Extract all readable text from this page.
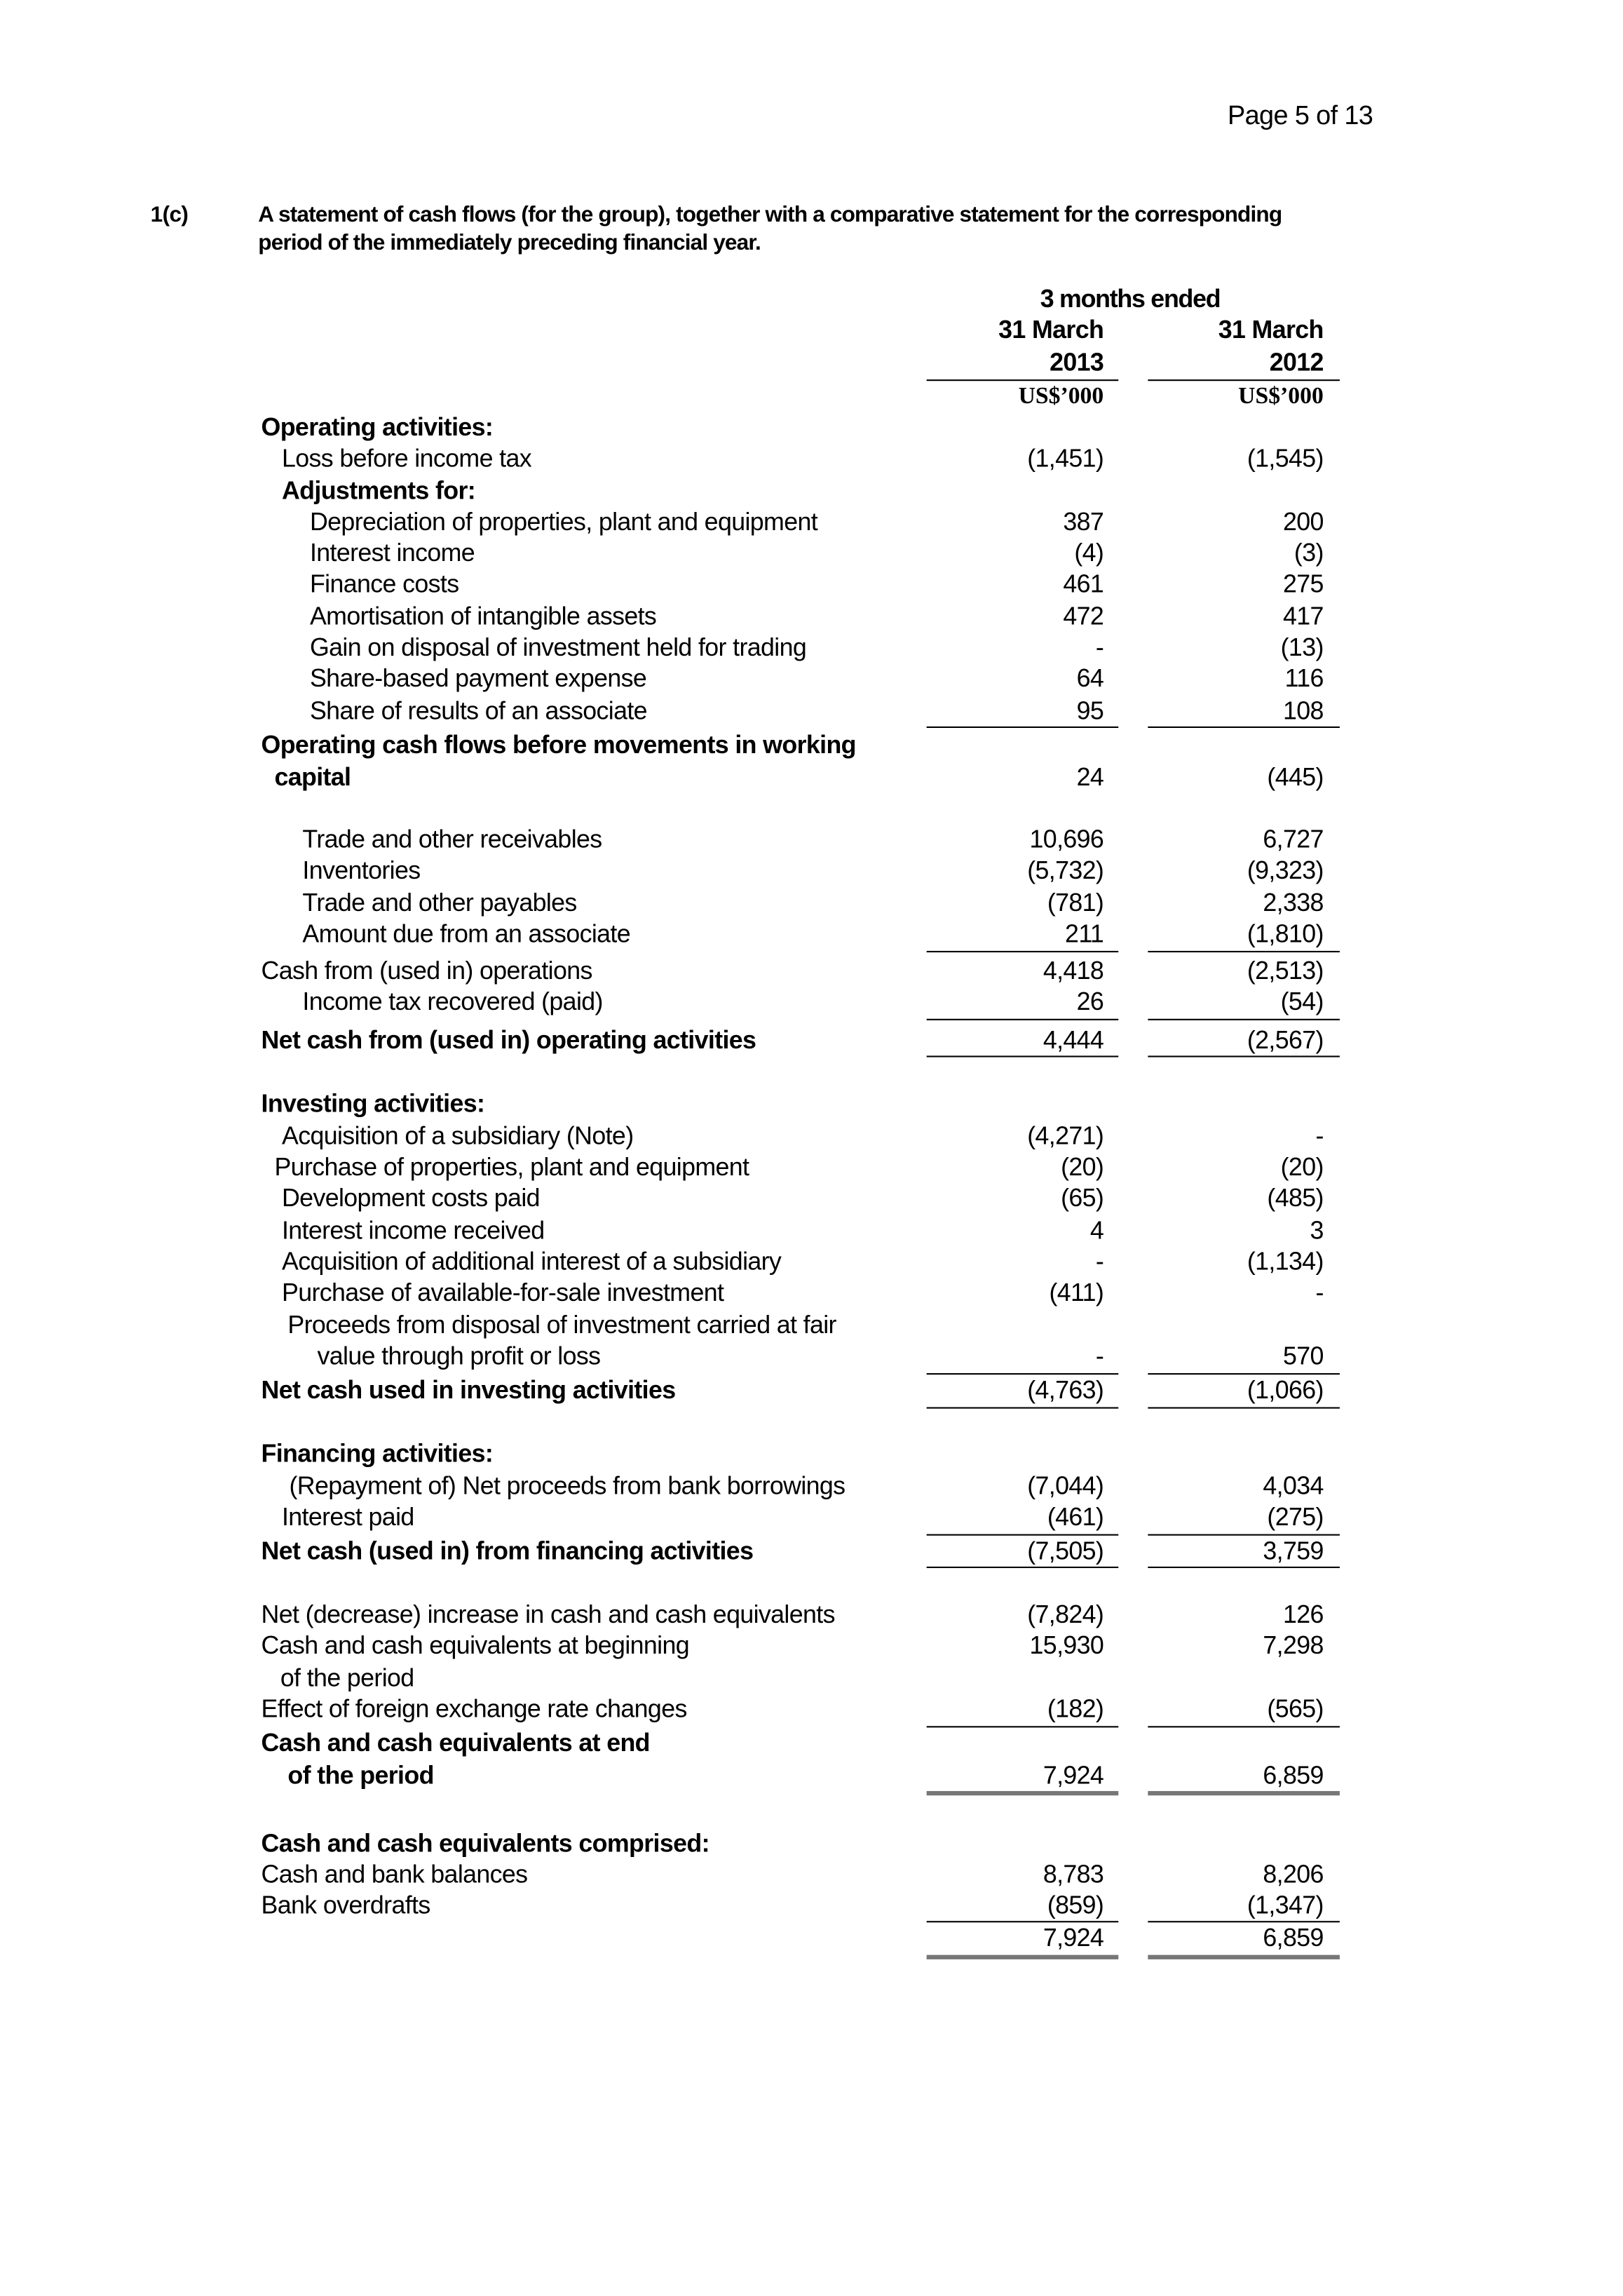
Page 5 of 13
1(c)	A statement of cash flows (for the group), together with a comparative statement for the corresponding
period of the immediately preceding financial year.
3 months ended
31 March	31 March
2013	2012
US$’000	US$’000
Operating activities:
Loss before income tax	(1,451)	(1,545)
Adjustments for:
Depreciation of properties, plant and equipment	387	200
Interest income	(4)	(3)
Finance costs	461	275
Amortisation of intangible assets	472	417
Gain on disposal of investment held for trading	-	(13)
Share-based payment expense	64	116
Share of results of an associate	95	108
Operating cash flows before movements in working
capital	24	(445)
Trade and other receivables	10,696	6,727
Inventories	(5,732)	(9,323)
Trade and other payables	(781)	2,338
Amount due from an associate	211	(1,810)
Cash from (used in) operations	4,418	(2,513)
Income tax recovered (paid)	26	(54)
Net cash from (used in) operating activities	4,444	(2,567)
Investing activities:
Acquisition of a subsidiary (Note)	(4,271)	-
Purchase of properties, plant and equipment	(20)	(20)
Development costs paid	(65)	(485)
Interest income received	4	3
Acquisition of additional interest of a subsidiary	-	(1,134)
Purchase of available-for-sale investment	(411)	-
Proceeds from disposal of investment carried at fair
value through profit or loss	-	570
Net cash used in investing activities	(4,763)	(1,066)
Financing activities:
(Repayment of) Net proceeds from bank borrowings	(7,044)	4,034
Interest paid	(461)	(275)
Net cash (used in) from financing activities	(7,505)	3,759
Net (decrease) increase in cash and cash equivalents	(7,824)	126
Cash and cash equivalents at beginning	15,930	7,298
of the period
Effect of foreign exchange rate changes	(182)	(565)
Cash and cash equivalents at end
of the period	7,924	6,859
Cash and cash equivalents comprised:
Cash and bank balances	8,783	8,206
Bank overdrafts	(859)	(1,347)
7,924	6,859
